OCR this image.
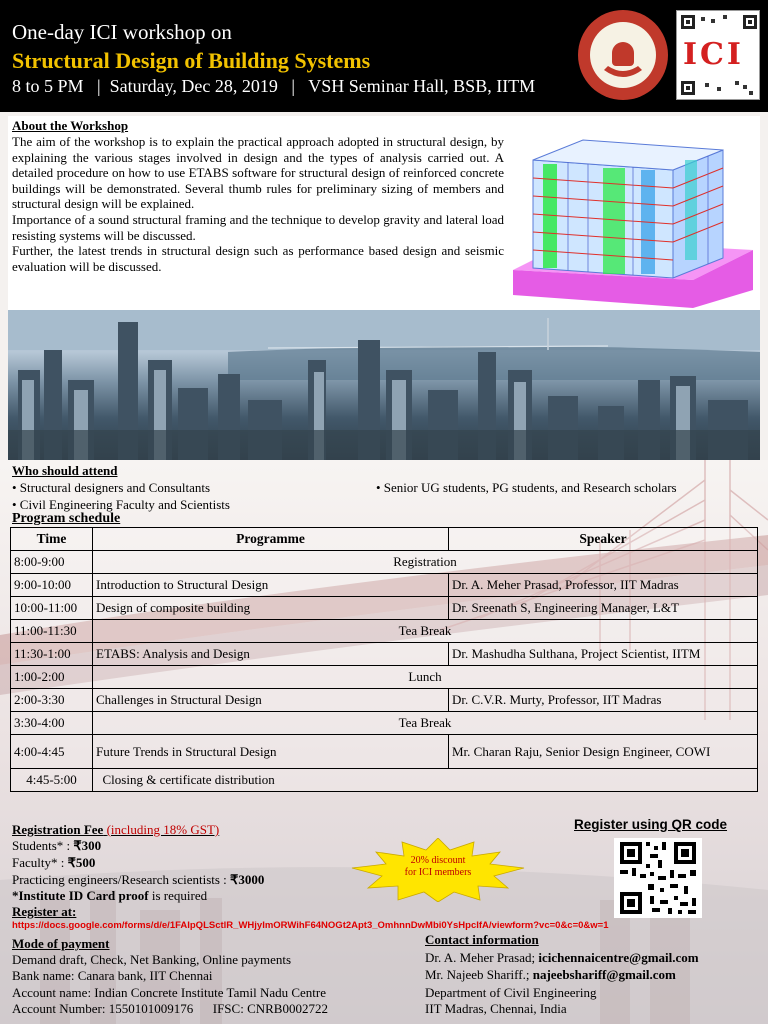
One-day ICI workshop on
Structural Design of Building Systems
8 to 5 PM   |  Saturday, Dec 28, 2019   |   VSH Seminar Hall, BSB, IITM
ICI
About the Workshop

The aim of the workshop is to explain the practical approach adopted in structural design, by explaining the various stages involved in design and the types of analysis carried out. A detailed procedure on how to use ETABS software for structural design of reinforced concrete buildings will be demonstrated. Several thumb rules for preliminary sizing of members and structural design will be explained.

Importance of a sound structural framing and the technique to develop gravity and lateral load resisting systems will be discussed.

Further, the latest trends in structural design such as performance based design and seismic evaluation will be discussed.

Who should attend
• Structural designers and Consultants
• Civil Engineering Faculty and Scientists
• Senior UG students, PG students, and Research scholars
Program schedule
Time	Programme	Speaker
8:00-9:00	Registration	
9:00-10:00	Introduction to Structural Design	Dr. A. Meher Prasad, Professor, IIT Madras
10:00-11:00	Design of composite building	Dr. Sreenath S, Engineering Manager, L&T
11:00-11:30	Tea Break	
11:30-1:00	ETABS: Analysis and Design	Dr. Mashudha Sulthana, Project Scientist, IITM
1:00-2:00	Lunch	
2:00-3:30	Challenges in Structural Design	Dr. C.V.R. Murty, Professor, IIT Madras
3:30-4:00	Tea Break	
4:00-4:45	Future Trends in Structural Design	Mr. Charan Raju, Senior Design Engineer, COWI
4:45-5:00	Closing & certificate distribution	
Registration Fee (including 18% GST)
Students* : ₹300
Faculty* : ₹500
Practicing engineers/Research scientists : ₹3000
*Institute ID Card proof is required
Register at:
https://docs.google.com/forms/d/e/1FAIpQLSctlR_WHjyImORWihF64NOGt2Apt3_OmhnnDwMbi0YsHpcIfA/viewform?vc=0&c=0&w=1
20% discount
for ICI members
Register using QR code
Mode of payment
Demand draft, Check, Net Banking, Online payments
Bank name: Canara bank, IIT Chennai
Account name: Indian Concrete Institute Tamil Nadu Centre
Account Number: 1550101009176      IFSC: CNRB0002722
Contact information
Dr. A. Meher Prasad; icichennaicentre@gmail.com
Mr. Najeeb Shariff.; najeebshariff@gmail.com
Department of Civil Engineering
IIT Madras, Chennai, India
